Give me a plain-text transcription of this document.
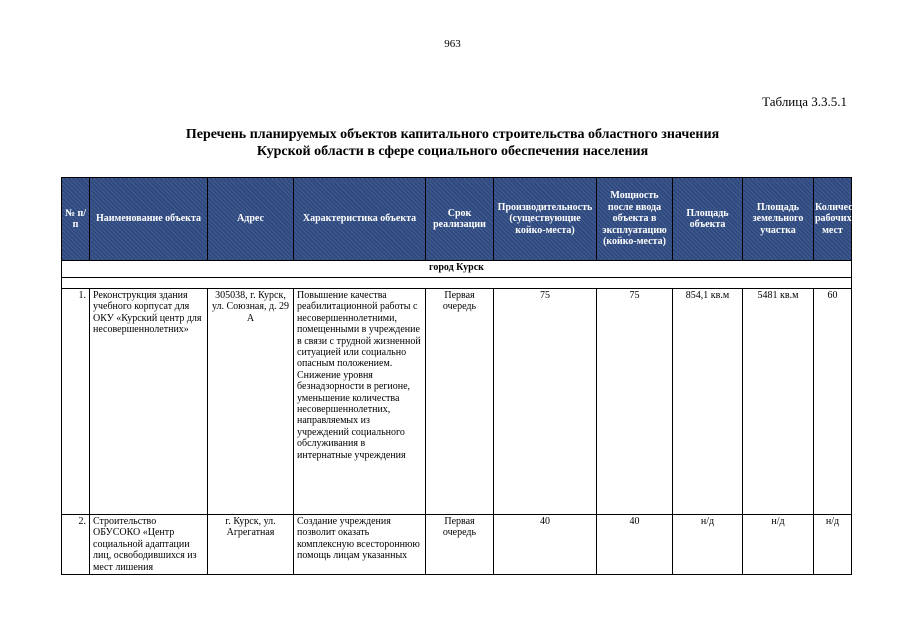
963
Таблица 3.3.5.1
Перечень планируемых объектов капитального строительства областного значения
Курской области в сфере социального обеспечения населения
№ п/п	Наименование объекта	Адрес	Характеристика объекта	Срок реализации	Производительность (существующие койко-места)	Мощность после ввода объекта в эксплуатацию (койко-места)	Площадь объекта	Площадь земельного участка	Количество рабочих мест
город Курск									

1.	Реконструкция здания учебного корпусат для ОКУ «Курский центр для несовершеннолетних»	305038, г. Курск, ул. Союзная, д. 29 А	Повышение качества реабилитационной работы с несовершеннолетними, помещенными в учреждение в связи с трудной жизненной ситуацией или социально опасным положением. Снижение уровня безнадзорности в регионе, уменьшение количества несовершеннолетних, направляемых из учреждений социального обслуживания в интернатные учреждения	Первая очередь	75	75	854,1 кв.м	5481 кв.м	60
2.	Строительство ОБУСОКО «Центр социальной адаптации лиц, освободившихся из мест лишения	г. Курск, ул. Агрегатная	Создание учреждения позволит оказать комплексную всестороннюю помощь лицам указанных	Первая очередь	40	40	н/д	н/д	н/д
